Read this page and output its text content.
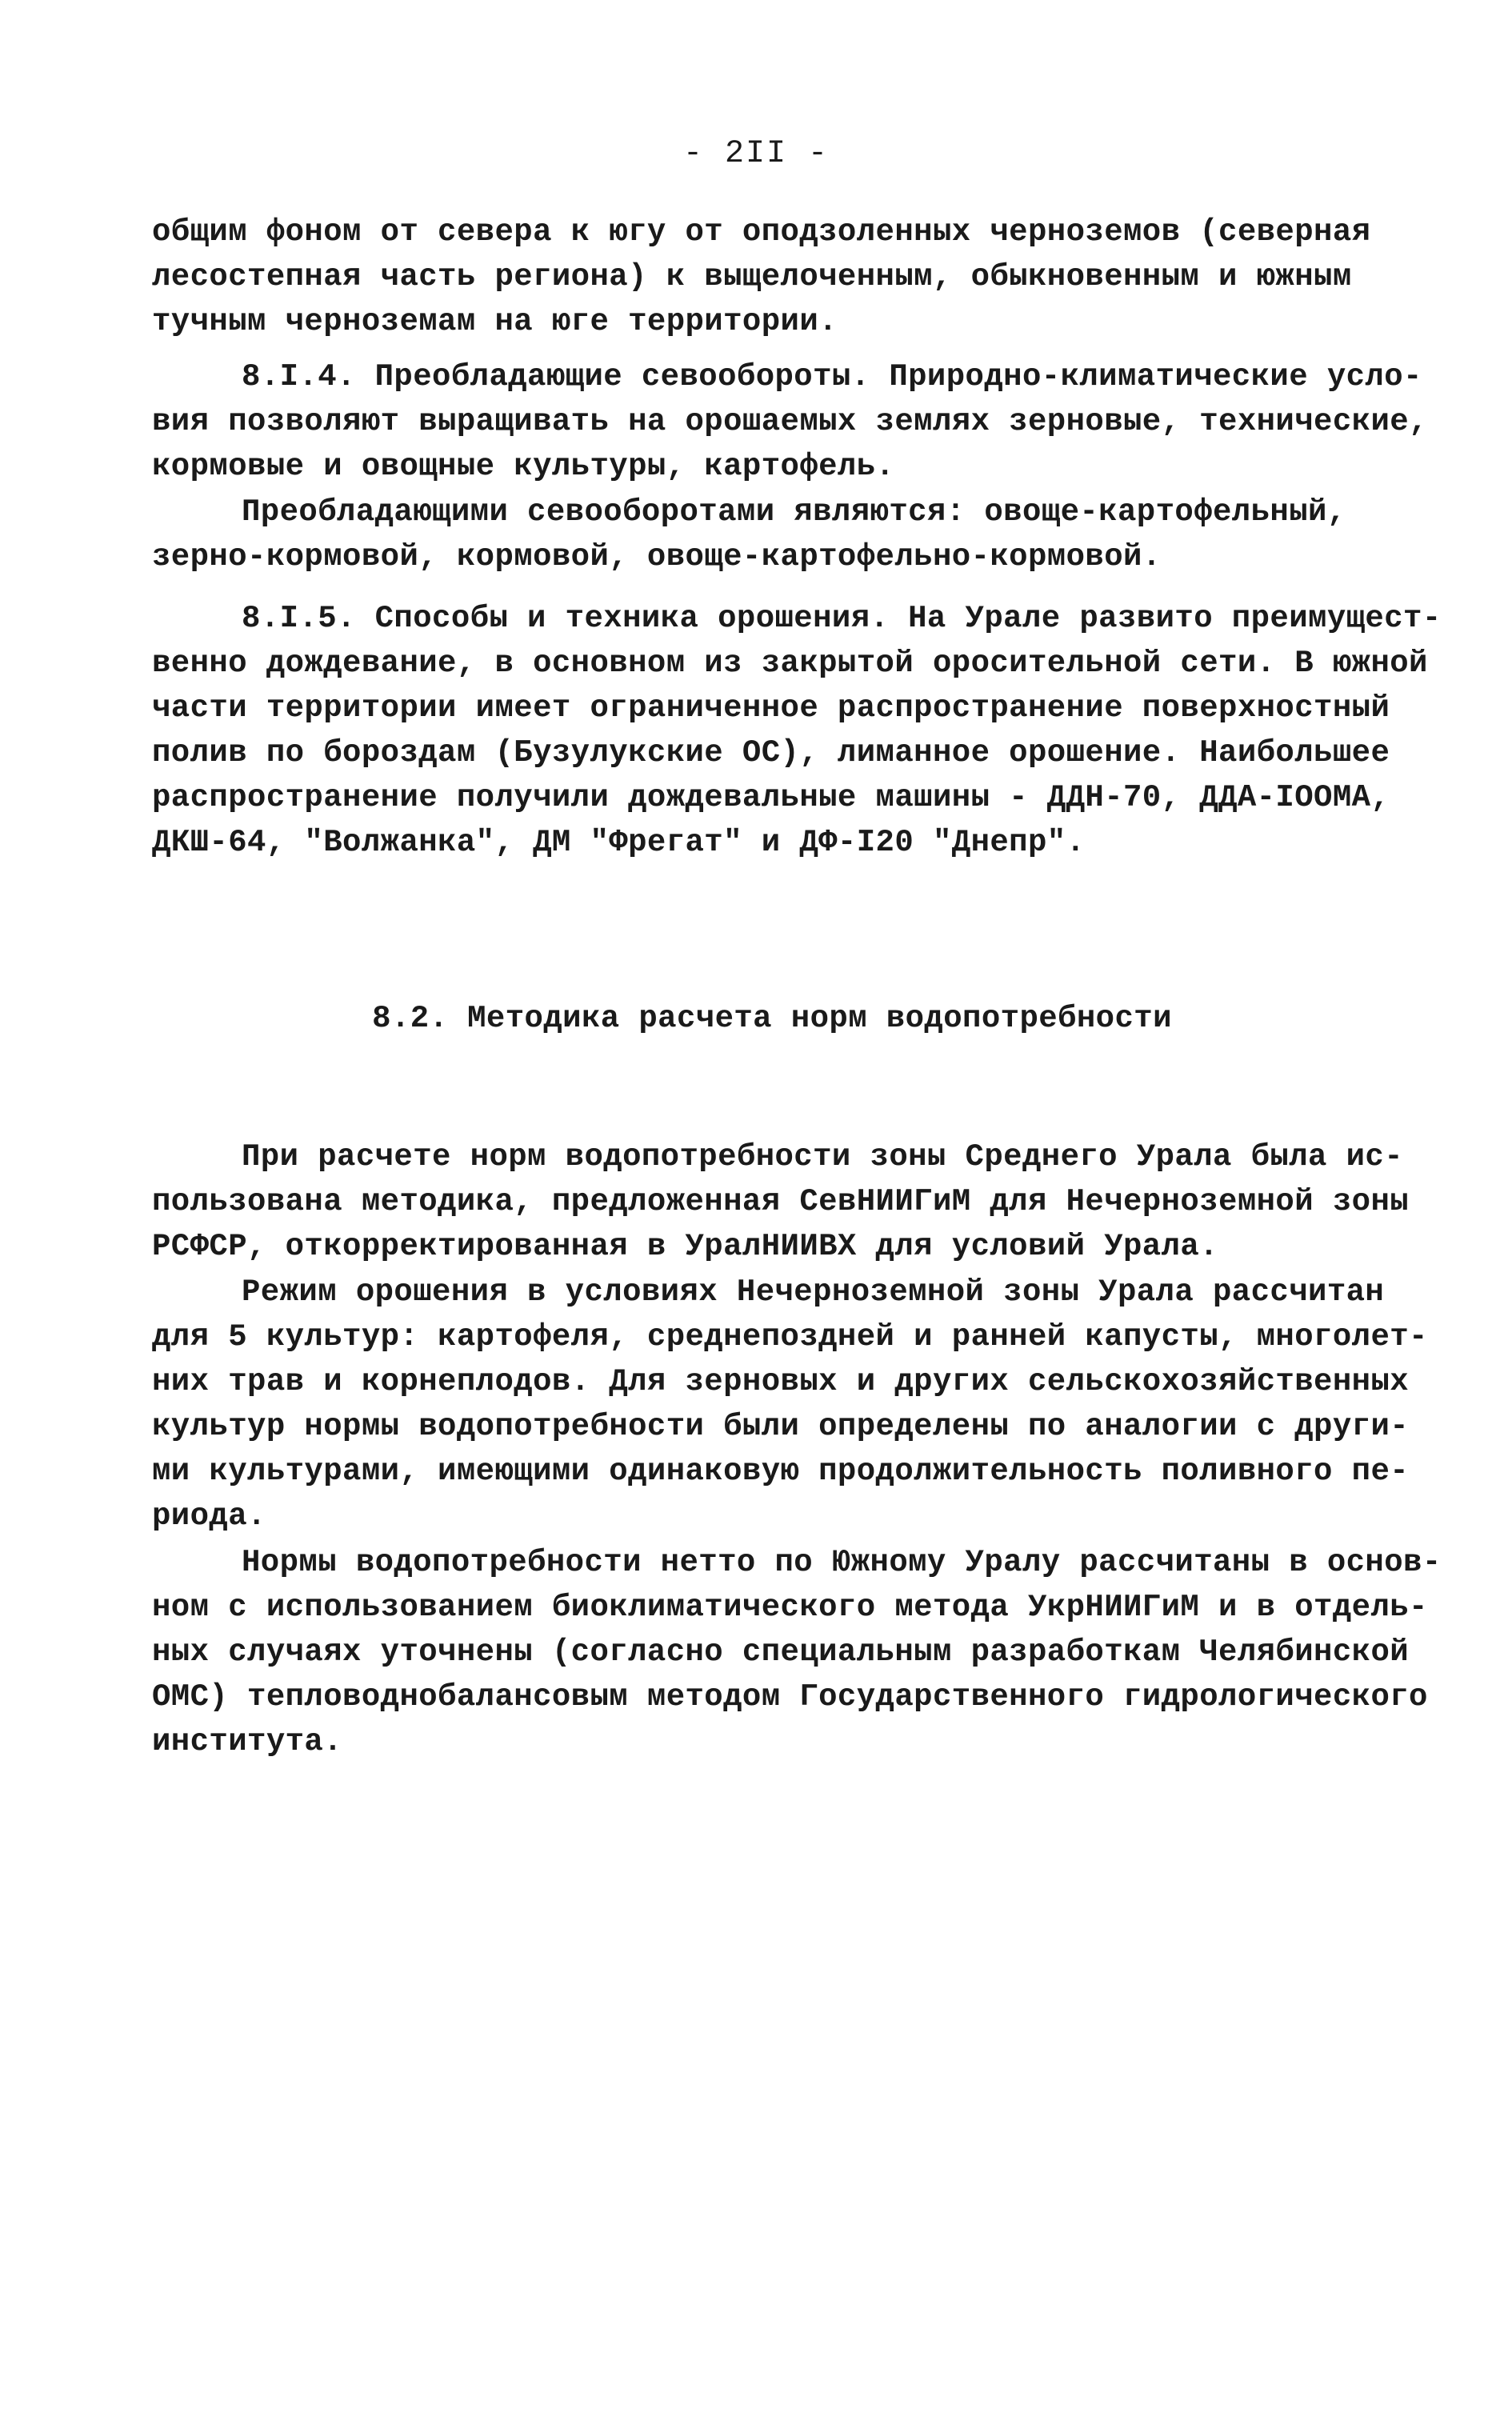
- 2II -
общим фоном от севера к югу от оподзоленных черноземов (северная
лесостепная часть региона) к выщелоченным, обыкновенным и южным
тучным черноземам на юге территории.
8.I.4. Преобладающие севообороты. Природно-климатические усло-
вия позволяют выращивать на орошаемых землях зерновые, технические,
кормовые и овощные культуры, картофель.
Преобладающими севооборотами являются: овоще-картофельный,
зерно-кормовой, кормовой, овоще-картофельно-кормовой.
8.I.5. Способы и техника орошения. На Урале развито преимущест-
венно дождевание, в основном из закрытой оросительной сети. В южной
части территории имеет ограниченное распространение поверхностный
полив по бороздам (Бузулукские ОС), лиманное орошение. Наибольшее
распространение получили дождевальные машины - ДДН-70, ДДА-IOОМА,
ДКШ-64, "Волжанка", ДМ "Фрегат" и ДФ-I20 "Днепр".
8.2. Методика расчета норм водопотребности
При расчете норм водопотребности зоны Среднего Урала была ис-
пользована методика, предложенная СевНИИГиМ для Нечерноземной зоны
РСФСР, откорректированная в УралНИИВХ для условий Урала.
Режим орошения в условиях Нечерноземной зоны Урала рассчитан
для 5 культур: картофеля, среднепоздней и ранней капусты, многолет-
них трав и корнеплодов. Для зерновых и других сельскохозяйственных
культур нормы водопотребности были определены по аналогии с други-
ми культурами, имеющими одинаковую продолжительность поливного пе-
риода.
Нормы водопотребности нетто по Южному Уралу рассчитаны в основ-
ном с использованием биоклиматического метода УкрНИИГиМ и в отдель-
ных случаях уточнены (согласно специальным разработкам Челябинской
ОМС) тепловоднобалансовым методом Государственного гидрологического
института.
